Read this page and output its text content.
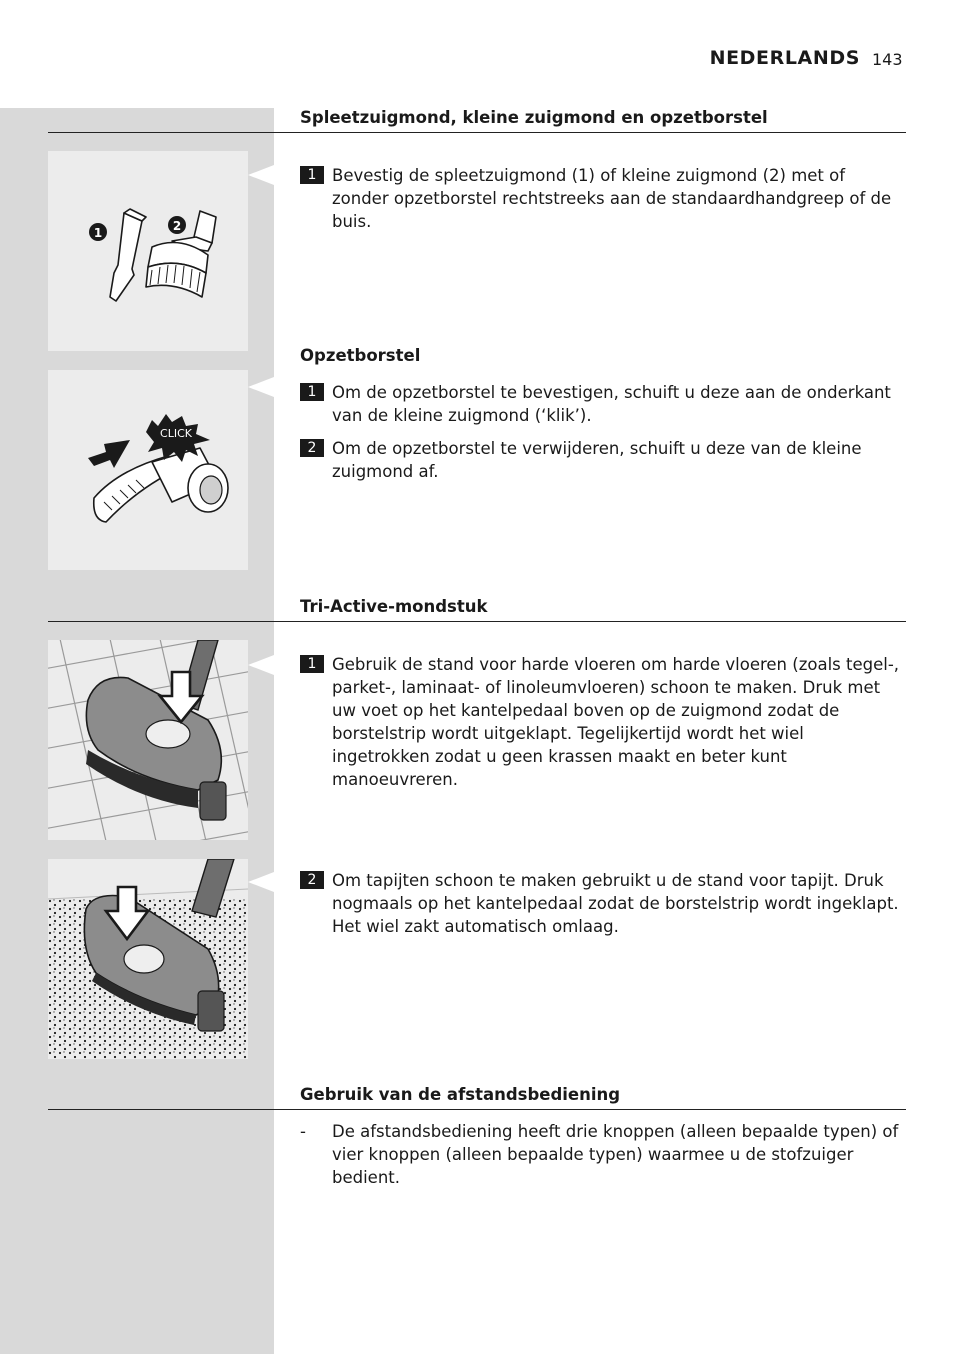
NEDERLANDS 143
Spleetzuigmond, kleine zuigmond en opzetborstel
1	2
1 Bevestig de spleetzuigmond (1) of kleine zuigmond (2) met of zonder opzetborstel rechtstreeks aan de standaardhandgreep of de buis.
Opzetborstel
CLICK
1 Om de opzetborstel te bevestigen, schuift u deze aan de onderkant van de kleine zuigmond (‘klik’).
2 Om de opzetborstel te verwijderen, schuift u deze van de kleine zuigmond af.
Tri-Active-mondstuk
1 Gebruik de stand voor harde vloeren om harde vloeren (zoals tegel-, parket-, laminaat- of linoleumvloeren) schoon te maken. Druk met uw voet op het kantelpedaal boven op de zuigmond zodat de borstelstrip wordt uitgeklapt. Tegelijkertijd wordt het wiel ingetrokken zodat u geen krassen maakt en beter kunt manoeuvreren.
2 Om tapijten schoon te maken gebruikt u de stand voor tapijt. Druk nogmaals op het kantelpedaal zodat de borstelstrip wordt ingeklapt. Het wiel zakt automatisch omlaag.
Gebruik van de afstandsbediening
-	De afstandsbediening heeft drie knoppen (alleen bepaalde typen) of vier knoppen (alleen bepaalde typen) waarmee u de stofzuiger bedient.
